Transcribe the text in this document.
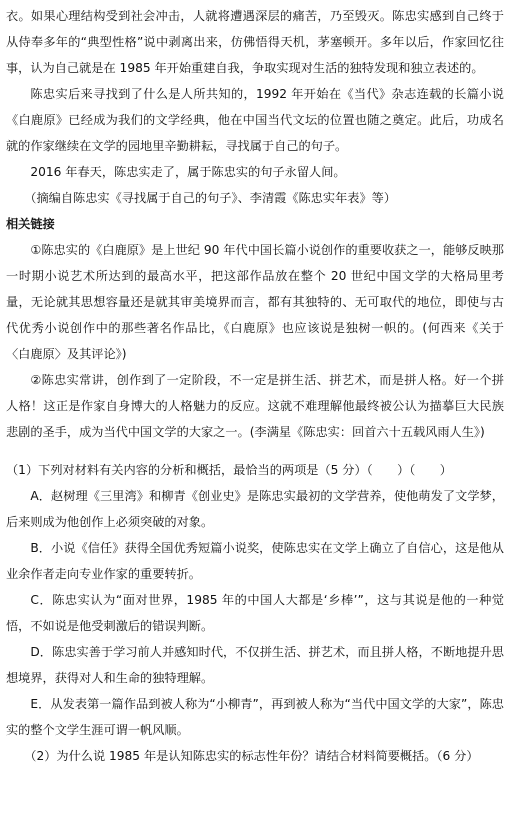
衣。如果心理结构受到社会冲击，人就将遭遇深层的痛苦，乃至毁灭。陈忠实感到自己终于从侍奉多年的“典型性格”说中剥离出来，仿佛悟得天机，茅塞顿开。多年以后，作家回忆往事，认为自己就是在 1985 年开始重建自我，争取实现对生活的独特发现和独立表述的。

陈忠实后来寻找到了什么是人所共知的，1992 年开始在《当代》杂志连载的长篇小说《白鹿原》已经成为我们的文学经典，他在中国当代文坛的位置也随之奠定。此后，功成名就的作家继续在文学的园地里辛勤耕耘，寻找属于自己的句子。

2016 年春天，陈忠实走了，属于陈忠实的句子永留人间。

（摘编自陈忠实《寻找属于自己的句子》、李清霞《陈忠实年表》等）

相关链接

①陈忠实的《白鹿原》是上世纪 90 年代中国长篇小说创作的重要收获之一，能够反映那一时期小说艺术所达到的最高水平，把这部作品放在整个 20 世纪中国文学的大格局里考量，无论就其思想容量还是就其审美境界而言，都有其独特的、无可取代的地位，即使与古代优秀小说创作中的那些著名作品比，《白鹿原》也应该说是独树一帜的。(何西来《关于〈白鹿原〉及其评论》)

②陈忠实常讲，创作到了一定阶段，不一定是拼生活、拼艺术，而是拼人格。好一个拼人格！这正是作家自身博大的人格魅力的反应。这就不难理解他最终被公认为描摹巨大民族悲剧的圣手，成为当代中国文学的大家之一。(李满星《陈忠实：回首六十五载风雨人生》)

（1）下列对材料有关内容的分析和概括，最恰当的两项是（5 分）（　　）（　　）

A．赵树理《三里湾》和柳青《创业史》是陈忠实最初的文学营养，使他萌发了文学梦，后来则成为他创作上必须突破的对象。

B．小说《信任》获得全国优秀短篇小说奖，使陈忠实在文学上确立了自信心，这是他从业余作者走向专业作家的重要转折。

C．陈忠实认为“面对世界，1985 年的中国人大都是‘乡棒’”，这与其说是他的一种觉悟，不如说是他受刺激后的错误判断。

D．陈忠实善于学习前人并感知时代，不仅拼生活、拼艺术，而且拼人格，不断地提升思想境界，获得对人和生命的独特理解。

E．从发表第一篇作品到被人称为“小柳青”，再到被人称为“当代中国文学的大家”，陈忠实的整个文学生涯可谓一帆风顺。

（2）为什么说 1985 年是认知陈忠实的标志性年份？请结合材料简要概括。（6 分）
